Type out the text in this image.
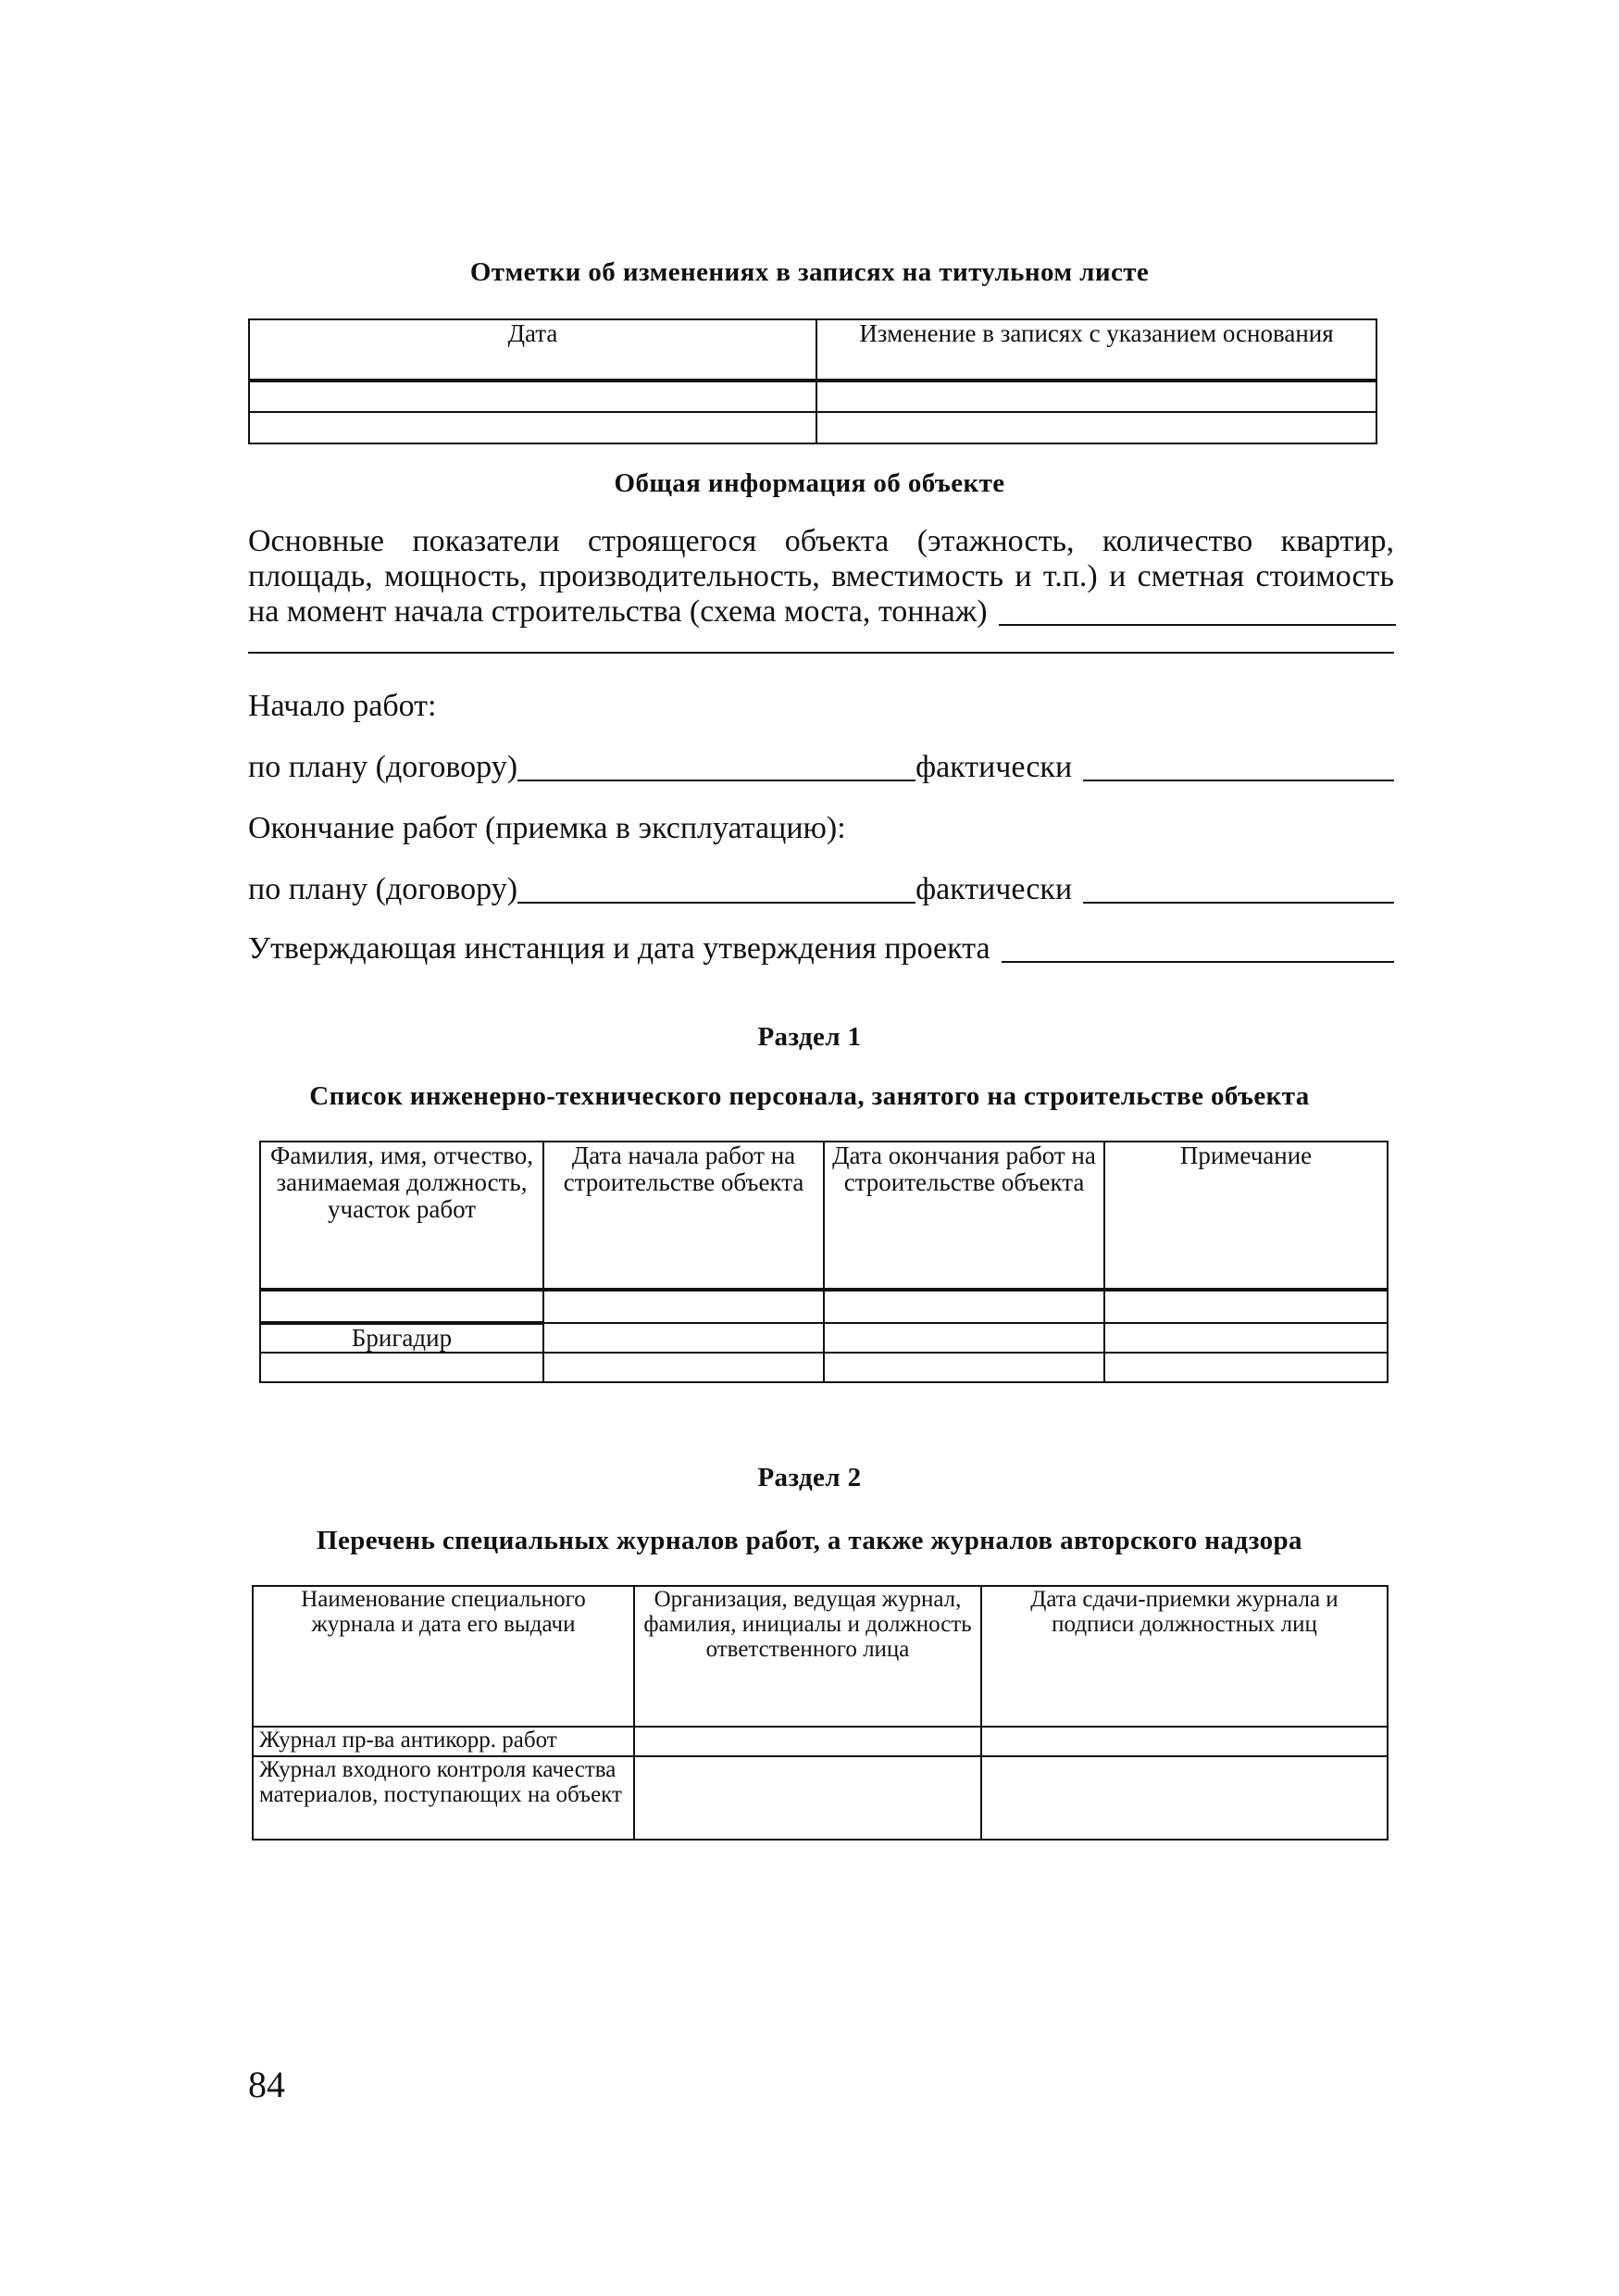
Отметки об изменениях в записях на титульном листе
Дата	Изменение в записях с указанием основания

Общая информация об объекте
Основные показатели строящегося объекта (этажность, количество квартир,
площадь, мощность, производительность, вместимость и т.п.) и сметная стоимость
на момент начала строительства (схема моста, тоннаж)
Начало работ:
по плану (договору)	фактически
Окончание работ (приемка в эксплуатацию):
по плану (договору)	фактически
Утверждающая инстанция и дата утверждения проекта
Раздел 1
Список инженерно-технического персонала, занятого на строительстве объекта
Фамилия, имя, отчество, занимаемая должность, участок работ	Дата начала работ на строительстве объекта	Дата окончания работ на строительстве объекта	Примечание

Бригадир			

Раздел 2
Перечень специальных журналов работ, а также журналов авторского надзора
Наименование специального журнала и дата его выдачи	Организация, ведущая журнал, фамилия, инициалы и должность ответственного лица	Дата сдачи-приемки журнала и подписи должностных лиц
Журнал пр-ва антикорр. работ		
Журнал входного контроля качества материалов, поступающих на объект		
84
